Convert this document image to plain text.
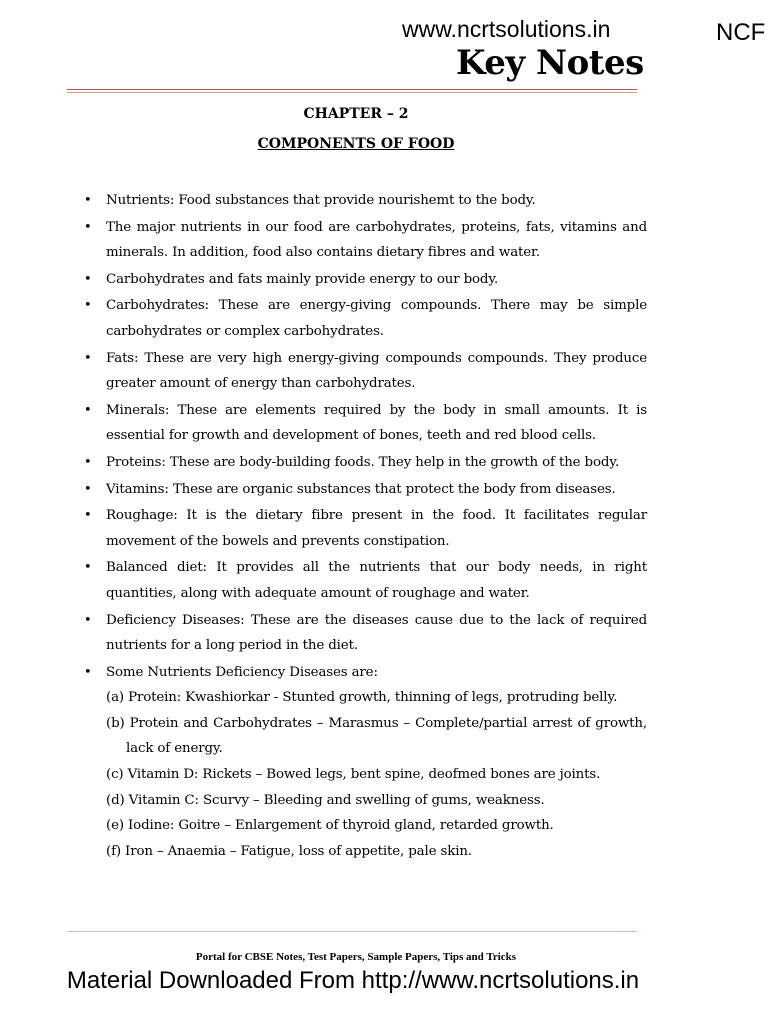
www.ncrtsolutions.in	NCF
Key Notes
CHAPTER – 2
COMPONENTS OF FOOD
• Nutrients: Food substances that provide nourishemt to the body.
• The major nutrients in our food are carbohydrates, proteins, fats, vitamins and minerals. In addition, food also contains dietary fibres and water.
• Carbohydrates and fats mainly provide energy to our body.
• Carbohydrates: These are energy-giving compounds. There may be simple carbohydrates or complex carbohydrates.
• Fats: These are very high energy-giving compounds compounds. They produce greater amount of energy than carbohydrates.
• Minerals: These are elements required by the body in small amounts. It is essential for growth and development of bones, teeth and red blood cells.
• Proteins: These are body-building foods. They help in the growth of the body.
• Vitamins: These are organic substances that protect the body from diseases.
• Roughage: It is the dietary fibre present in the food. It facilitates regular movement of the bowels and prevents constipation.
• Balanced diet: It provides all the nutrients that our body needs, in right quantities, along with adequate amount of roughage and water.
• Deficiency Diseases: These are the diseases cause due to the lack of required nutrients for a long period in the diet.
• Some Nutrients Deficiency Diseases are:
(a) Protein: Kwashiorkar - Stunted growth, thinning of legs, protruding belly.
(b) Protein and Carbohydrates – Marasmus – Complete/partial arrest of growth, lack of energy.
(c) Vitamin D: Rickets – Bowed legs, bent spine, deofmed bones are joints.
(d) Vitamin C: Scurvy – Bleeding and swelling of gums, weakness.
(e) Iodine: Goitre – Enlargement of thyroid gland, retarded growth.
(f) Iron – Anaemia – Fatigue, loss of appetite, pale skin.
Portal for CBSE Notes, Test Papers, Sample Papers, Tips and Tricks
Material Downloaded From http://www.ncrtsolutions.in
